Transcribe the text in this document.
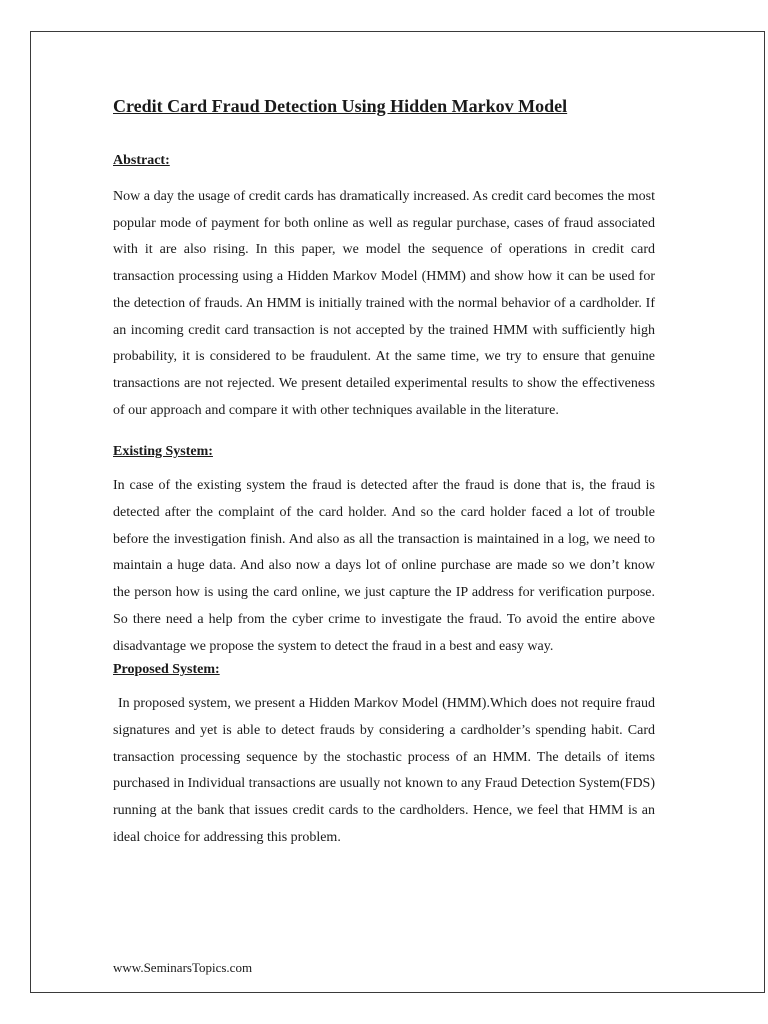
Credit Card Fraud Detection Using Hidden Markov Model
Abstract:

Now a day the usage of credit cards has dramatically increased. As credit card becomes the most popular mode of payment for both online as well as regular purchase, cases of fraud associated with it are also rising. In this paper, we model the sequence of operations in credit card transaction processing using a Hidden Markov Model (HMM) and show how it can be used for the detection of frauds. An HMM is initially trained with the normal behavior of a cardholder. If an incoming credit card transaction is not accepted by the trained HMM with sufficiently high probability, it is considered to be fraudulent. At the same time, we try to ensure that genuine transactions are not rejected. We present detailed experimental results to show the effectiveness of our approach and compare it with other techniques available in the literature.

Existing System:

In case of the existing system the fraud is detected after the fraud is done that is, the fraud is detected after the complaint of the card holder. And so the card holder faced a lot of trouble before the investigation finish. And also as all the transaction is maintained in a log, we need to maintain a huge data. And also now a days lot of online purchase are made so we don’t know the person how is using the card online, we just capture the IP address for verification purpose. So there need a help from the cyber crime to investigate the fraud. To avoid the entire above disadvantage we propose the system to detect the fraud in a best and easy way.

Proposed System:

In proposed system, we present a Hidden Markov Model (HMM).Which does not require fraud signatures and yet is able to detect frauds by considering a cardholder’s spending habit. Card transaction processing sequence by the stochastic process of an HMM. The details of items purchased in Individual transactions are usually not known to any Fraud Detection System(FDS) running at the bank that issues credit cards to the cardholders. Hence, we feel that HMM is an ideal choice for addressing this problem.

www.SeminarsTopics.com
